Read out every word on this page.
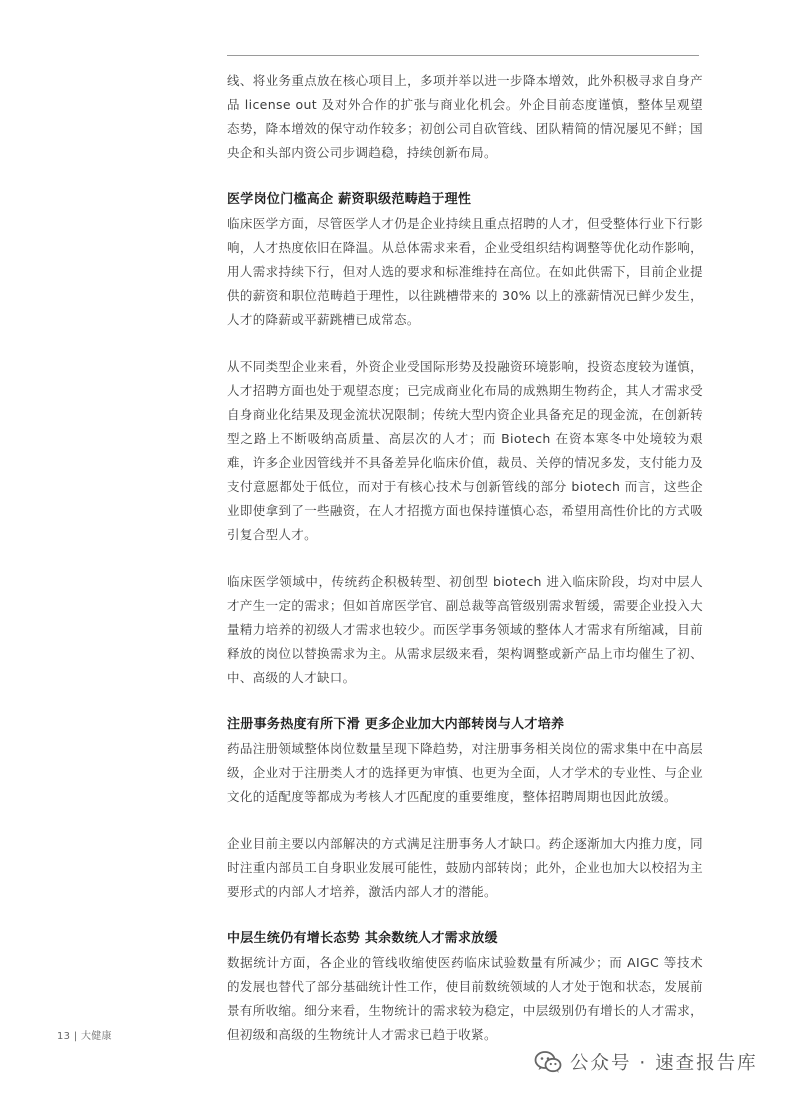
线、将业务重点放在核心项目上，多项并举以进一步降本增效，此外积极寻求自身产品 license out 及对外合作的扩张与商业化机会。外企目前态度谨慎，整体呈观望态势，降本增效的保守动作较多；初创公司自砍管线、团队精简的情况屡见不鲜；国央企和头部内资公司步调趋稳，持续创新布局。

医学岗位门槛高企 薪资职级范畴趋于理性

临床医学方面，尽管医学人才仍是企业持续且重点招聘的人才，但受整体行业下行影响，人才热度依旧在降温。从总体需求来看，企业受组织结构调整等优化动作影响，用人需求持续下行，但对人选的要求和标准维持在高位。在如此供需下，目前企业提供的薪资和职位范畴趋于理性，以往跳槽带来的 30% 以上的涨薪情况已鲜少发生，人才的降薪或平薪跳槽已成常态。

从不同类型企业来看，外资企业受国际形势及投融资环境影响，投资态度较为谨慎，人才招聘方面也处于观望态度；已完成商业化布局的成熟期生物药企，其人才需求受自身商业化结果及现金流状况限制；传统大型内资企业具备充足的现金流，在创新转型之路上不断吸纳高质量、高层次的人才；而 Biotech 在资本寒冬中处境较为艰难，许多企业因管线并不具备差异化临床价值，裁员、关停的情况多发，支付能力及支付意愿都处于低位，而对于有核心技术与创新管线的部分 biotech 而言，这些企业即使拿到了一些融资，在人才招揽方面也保持谨慎心态，希望用高性价比的方式吸引复合型人才。

临床医学领域中，传统药企积极转型、初创型 biotech 进入临床阶段，均对中层人才产生一定的需求；但如首席医学官、副总裁等高管级别需求暂缓，需要企业投入大量精力培养的初级人才需求也较少。而医学事务领域的整体人才需求有所缩减，目前释放的岗位以替换需求为主。从需求层级来看，架构调整或新产品上市均催生了初、中、高级的人才缺口。

注册事务热度有所下滑 更多企业加大内部转岗与人才培养

药品注册领域整体岗位数量呈现下降趋势，对注册事务相关岗位的需求集中在中高层级，企业对于注册类人才的选择更为审慎、也更为全面，人才学术的专业性、与企业文化的适配度等都成为考核人才匹配度的重要维度，整体招聘周期也因此放缓。

企业目前主要以内部解决的方式满足注册事务人才缺口。药企逐渐加大内推力度，同时注重内部员工自身职业发展可能性，鼓励内部转岗；此外，企业也加大以校招为主要形式的内部人才培养，激活内部人才的潜能。

中层生统仍有增长态势 其余数统人才需求放缓

数据统计方面，各企业的管线收缩使医药临床试验数量有所减少；而 AIGC 等技术的发展也替代了部分基础统计性工作，使目前数统领域的人才处于饱和状态，发展前景有所收缩。细分来看，生物统计的需求较为稳定，中层级别仍有增长的人才需求，但初级和高级的生物统计人才需求已趋于收紧。

13 | 大健康
公众号 · 速查报告库
